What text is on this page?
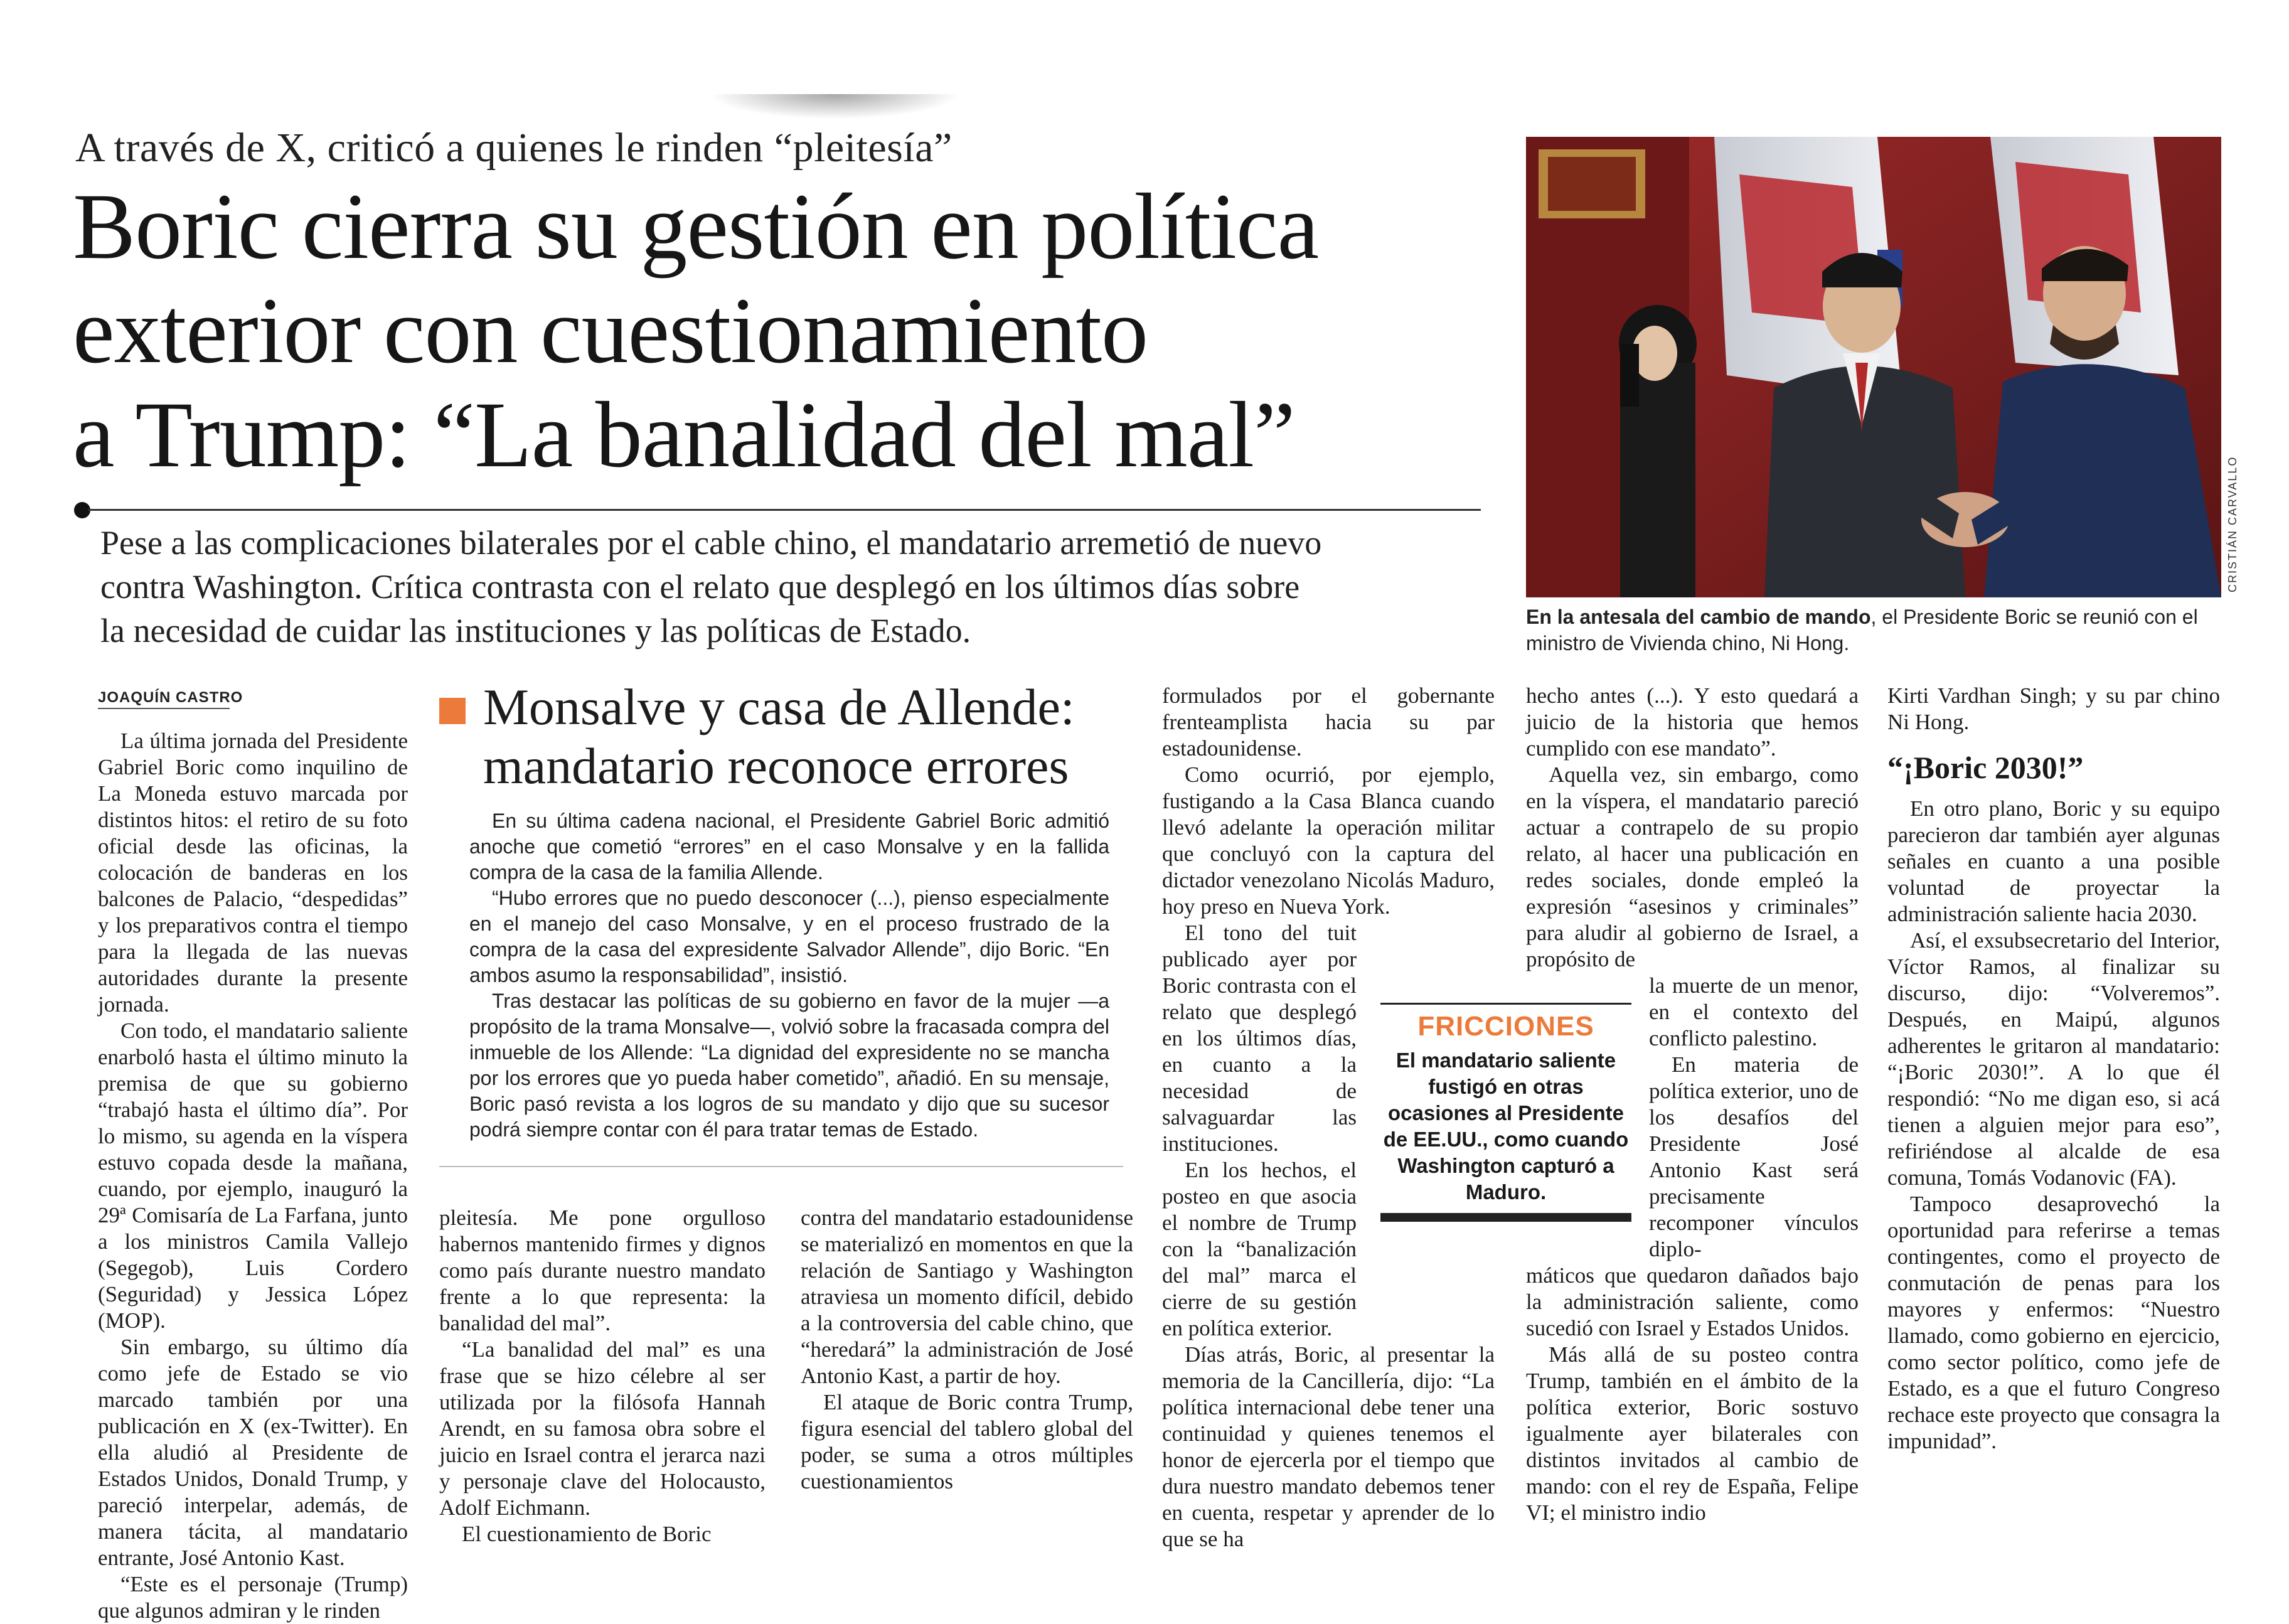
A través de X, criticó a quienes le rinden “pleitesía”
Boric cierra su gestión en política
exterior con cuestionamiento
a Trump: “La banalidad del mal”
Pese a las complicaciones bilaterales por el cable chino, el mandatario arremetió de nuevo
contra Washington. Crítica contrasta con el relato que desplegó en los últimos días sobre
la necesidad de cuidar las instituciones y las políticas de Estado.
CRISTIÁN CARVALLO
En la antesala del cambio de mando, el Presidente Boric se reunió con el ministro de Vivienda chino, Ni Hong.
JOAQUÍN CASTRO

La última jornada del Presidente Gabriel Boric como inquilino de La Moneda estuvo marcada por distintos hitos: el retiro de su foto oficial desde las oficinas, la colocación de banderas en los balcones de Palacio, “despedidas” y los preparativos contra el tiempo para la llegada de las nuevas autoridades durante la presente jornada.

Con todo, el mandatario saliente enarboló hasta el último minuto la premisa de que su gobierno “trabajó hasta el último día”. Por lo mismo, su agenda en la víspera estuvo copada desde la mañana, cuando, por ejemplo, inauguró la 29ª Comisaría de La Farfana, junto a los ministros Camila Vallejo (Segegob), Luis Cordero (Seguridad) y Jessica López (MOP).

Sin embargo, su último día como jefe de Estado se vio marcado también por una publicación en X (ex-Twitter). En ella aludió al Presidente de Estados Unidos, Donald Trump, y pareció interpelar, además, de manera tácita, al mandatario entrante, José Antonio Kast.

“Este es el personaje (Trump) que algunos admiran y le rinden

Monsalve y casa de Allende:
mandatario reconoce errores

En su última cadena nacional, el Presidente Gabriel Boric admitió anoche que cometió “errores” en el caso Monsalve y en la fallida compra de la casa de la familia Allende.

“Hubo errores que no puedo desconocer (...), pienso especialmente en el manejo del caso Monsalve, y en el proceso frustrado de la compra de la casa del expresidente Salvador Allende”, dijo Boric. “En ambos asumo la responsabilidad”, insistió.

Tras destacar las políticas de su gobierno en favor de la mujer —a propósito de la trama Monsalve—, volvió sobre la fracasada compra del inmueble de los Allende: “La dignidad del expresidente no se mancha por los errores que yo pueda haber cometido”, añadió. En su mensaje, Boric pasó revista a los logros de su mandato y dijo que su sucesor podrá siempre contar con él para tratar temas de Estado.

pleitesía. Me pone orgulloso habernos mantenido firmes y dignos como país durante nuestro mandato frente a lo que representa: la banalidad del mal”.

“La banalidad del mal” es una frase que se hizo célebre al ser utilizada por la filósofa Hannah Arendt, en su famosa obra sobre el juicio en Israel contra el jerarca nazi y personaje clave del Holocausto, Adolf Eichmann.

El cuestionamiento de Boric

contra del mandatario estadounidense se materializó en momentos en que la relación de Santiago y Washington atraviesa un momento difícil, debido a la controversia del cable chino, que “heredará” la administración de José Antonio Kast, a partir de hoy.

El ataque de Boric contra Trump, figura esencial del tablero global del poder, se suma a otros múltiples cuestionamientos

formulados por el gobernante frenteamplista hacia su par estadounidense.

Como ocurrió, por ejemplo, fustigando a la Casa Blanca cuando llevó adelante la operación militar que concluyó con la captura del dictador venezolano Nicolás Maduro, hoy preso en Nueva York.

El tono del tuit publicado ayer por Boric contrasta con el relato que desplegó en los últimos días, en cuanto a la necesidad de salvaguardar las instituciones.

En los hechos, el posteo en que asocia el nombre de Trump con la “banalización del mal” marca el cierre de su gestión en política exterior.

Días atrás, Boric, al presentar la memoria de la Cancillería, dijo: “La política internacional debe tener una continuidad y quienes tenemos el honor de ejercerla por el tiempo que dura nuestro mandato debemos tener en cuenta, respetar y aprender de lo que se ha

FRICCIONES
El mandatario saliente fustigó en otras ocasiones al Presidente de EE.UU., como cuando Washington capturó a Maduro.

hecho antes (...). Y esto quedará a juicio de la historia que hemos cumplido con ese mandato”.

Aquella vez, sin embargo, como en la víspera, el mandatario pareció actuar a contrapelo de su propio relato, al hacer una publicación en redes sociales, donde empleó la expresión “asesinos y criminales” para aludir al gobierno de Israel, a propósito de

la muerte de un menor, en el contexto del conflicto palestino.

En materia de política exterior, uno de los desafíos del Presidente José Antonio Kast será precisamente recomponer vínculos diplo-

máticos que quedaron dañados bajo la administración saliente, como sucedió con Israel y Estados Unidos.

Más allá de su posteo contra Trump, también en el ámbito de la política exterior, Boric sostuvo igualmente ayer bilaterales con distintos invitados al cambio de mando: con el rey de España, Felipe VI; el ministro indio

Kirti Vardhan Singh; y su par chino Ni Hong.

“¡Boric 2030!”

En otro plano, Boric y su equipo parecieron dar también ayer algunas señales en cuanto a una posible voluntad de proyectar la administración saliente hacia 2030.

Así, el exsubsecretario del Interior, Víctor Ramos, al finalizar su discurso, dijo: “Volveremos”. Después, en Maipú, algunos adherentes le gritaron al mandatario: “¡Boric 2030!”. A lo que él respondió: “No me digan eso, si acá tienen a alguien mejor para eso”, refiriéndose al alcalde de esa comuna, Tomás Vodanovic (FA).

Tampoco desaprovechó la oportunidad para referirse a temas contingentes, como el proyecto de conmutación de penas para los mayores y enfermos: “Nuestro llamado, como gobierno en ejercicio, como sector político, como jefe de Estado, es a que el futuro Congreso rechace este proyecto que consagra la impunidad”.
